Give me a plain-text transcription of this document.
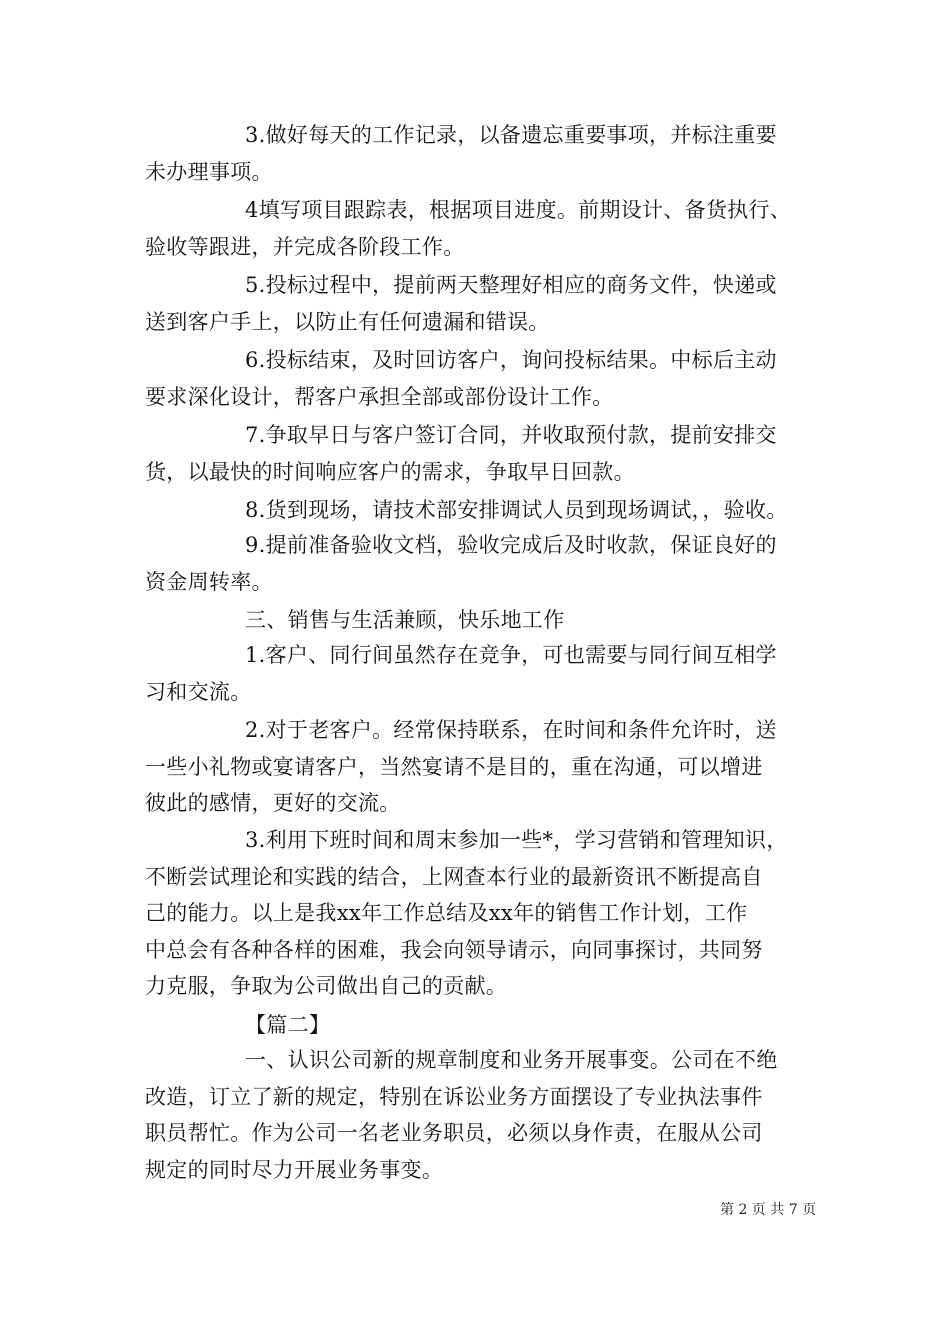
3.做好每天的工作记录，以备遗忘重要事项，并标注重要
未办理事项。
4填写项目跟踪表，根据项目进度。前期设计、备货执行、
验收等跟进，并完成各阶段工作。
5.投标过程中，提前两天整理好相应的商务文件，快递或
送到客户手上，以防止有任何遗漏和错误。
6.投标结束，及时回访客户，询问投标结果。中标后主动
要求深化设计，帮客户承担全部或部份设计工作。
7.争取早日与客户签订合同，并收取预付款，提前安排交
货，以最快的时间响应客户的需求，争取早日回款。
8.货到现场，请技术部安排调试人员到现场调试，，验收。
9.提前准备验收文档，验收完成后及时收款，保证良好的
资金周转率。
三、销售与生活兼顾，快乐地工作
1.客户、同行间虽然存在竞争，可也需要与同行间互相学
习和交流。
2.对于老客户。经常保持联系，在时间和条件允许时，送
一些小礼物或宴请客户，当然宴请不是目的，重在沟通，可以增进
彼此的感情，更好的交流。
3.利用下班时间和周末参加一些*，学习营销和管理知识，
不断尝试理论和实践的结合，上网查本行业的最新资讯不断提高自
己的能力。以上是我xx年工作总结及xx年的销售工作计划，工作
中总会有各种各样的困难，我会向领导请示，向同事探讨，共同努
力克服，争取为公司做出自己的贡献。
【篇二】
一、认识公司新的规章制度和业务开展事变。公司在不绝
改造，订立了新的规定，特别在诉讼业务方面摆设了专业执法事件
职员帮忙。作为公司一名老业务职员，必须以身作责，在服从公司
规定的同时尽力开展业务事变。
第 2 页 共 7 页
